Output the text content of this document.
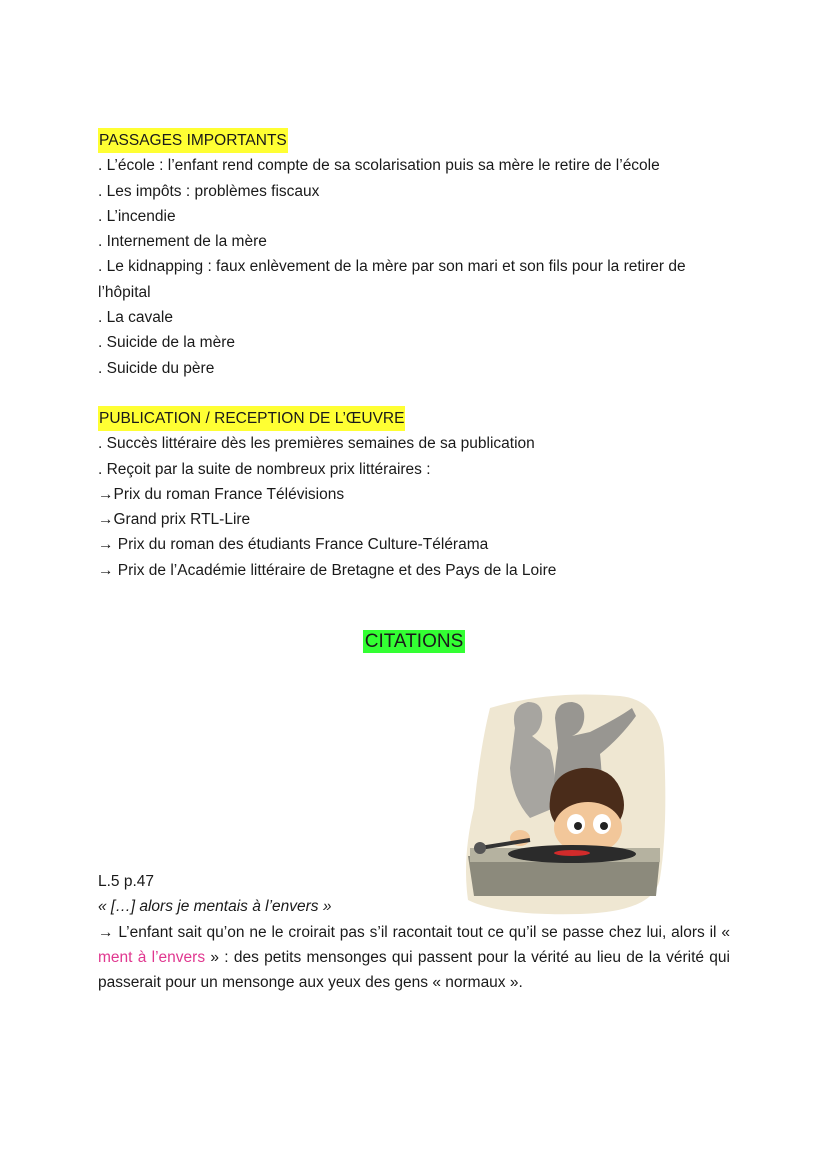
PASSAGES IMPORTANTS
. L’école : l’enfant rend compte de sa scolarisation puis sa mère le retire de l’école
. Les impôts : problèmes fiscaux
. L’incendie
. Internement de la mère
. Le kidnapping : faux enlèvement de la mère par son mari et son fils pour la retirer de l’hôpital
. La cavale
. Suicide de la mère
. Suicide du père
PUBLICATION / RECEPTION DE L’ŒUVRE
. Succès littéraire dès les premières semaines de sa publication
. Reçoit par la suite de nombreux prix littéraires :
→Prix du roman France Télévisions
→Grand prix RTL-Lire
→ Prix du roman des étudiants France Culture-Télérama
→ Prix de l’Académie littéraire de Bretagne et des Pays de la Loire
CITATIONS
L.5 p.47
« […] alors je mentais à l’envers »
→ L’enfant sait qu’on ne le croirait pas s’il racontait tout ce qu’il se passe chez lui, alors il « ment à l’envers » : des petits mensonges qui passent pour la vérité au lieu de la vérité qui passerait pour un mensonge aux yeux des gens « normaux ».
